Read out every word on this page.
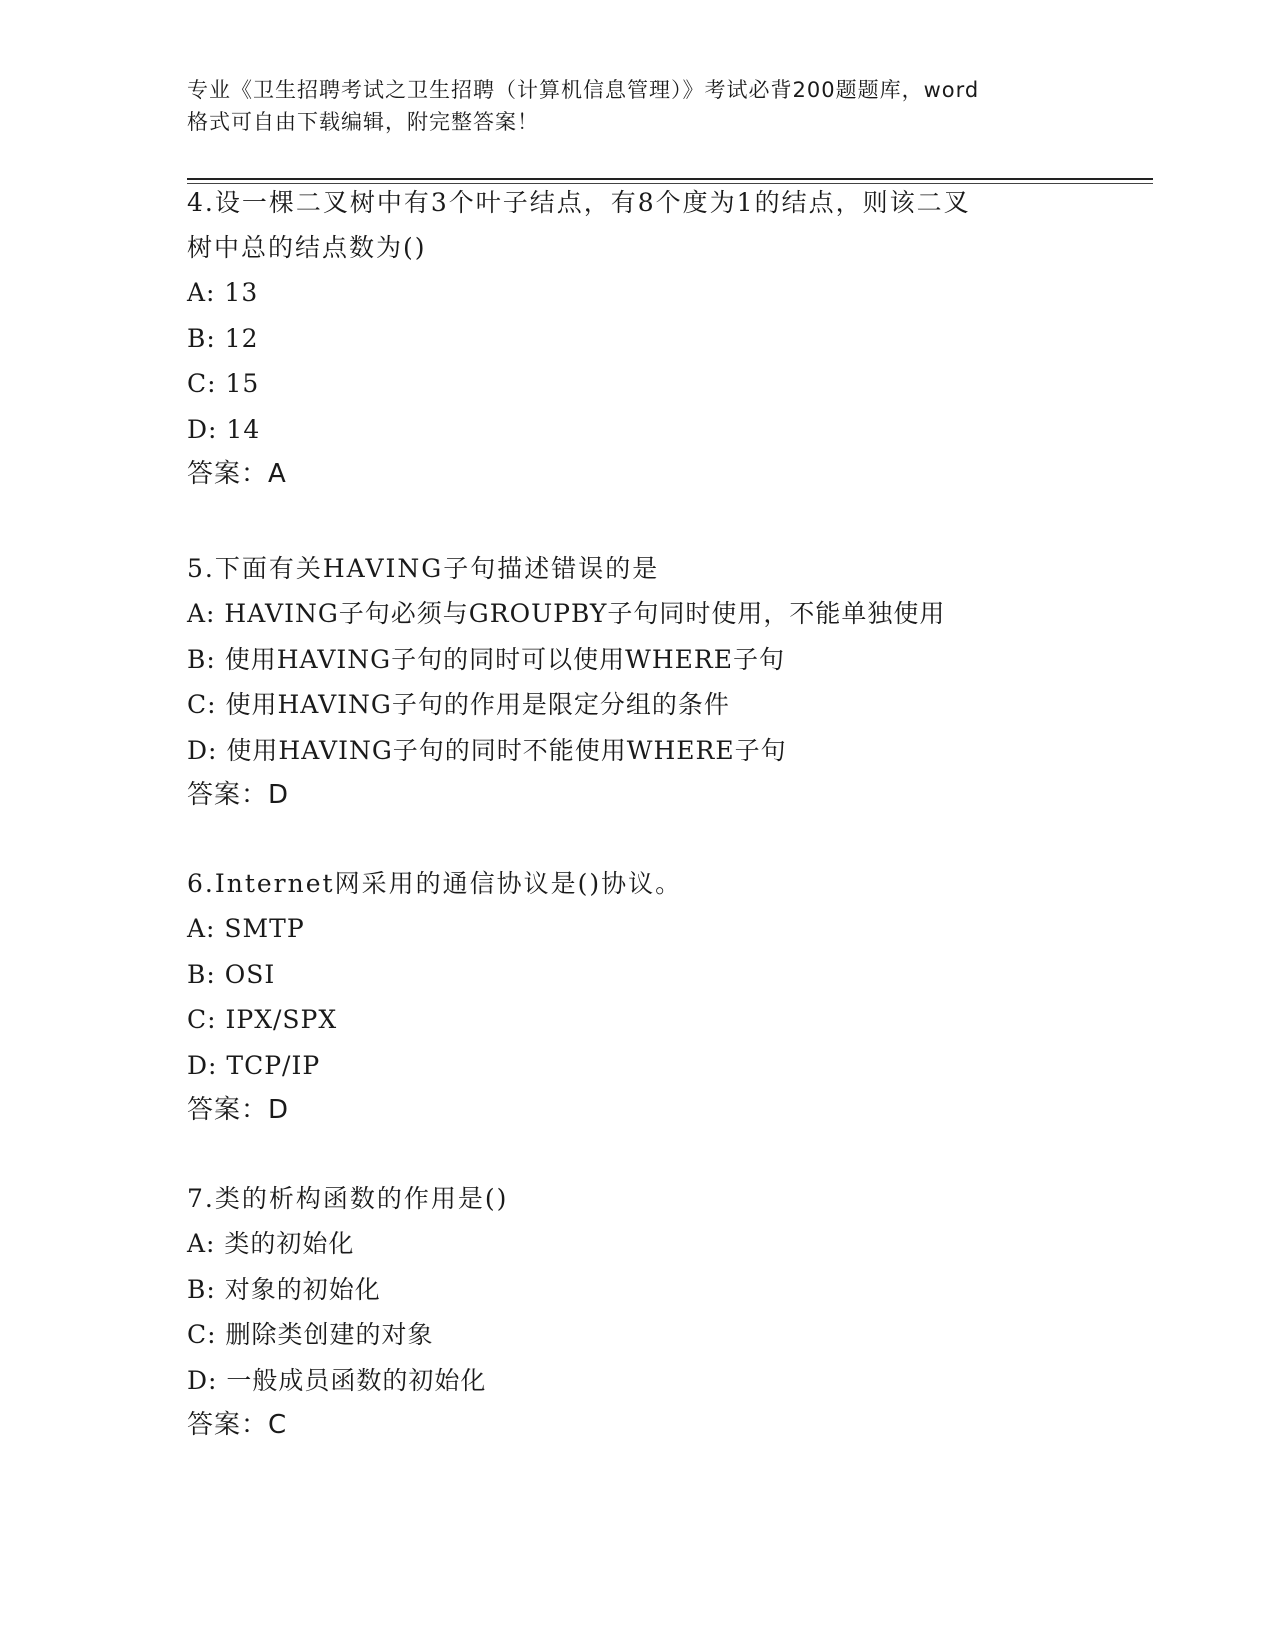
专业《卫生招聘考试之卫生招聘（计算机信息管理）》考试必背200题题库，word
格式可自由下载编辑，附完整答案！

4.设一棵二叉树中有3个叶子结点，有8个度为1的结点，则该二叉

树中总的结点数为()

A: 13

B: 12

C: 15

D: 14

答案：A

5.下面有关HAVING子句描述错误的是

A: HAVING子句必须与GROUPBY子句同时使用，不能单独使用

B: 使用HAVING子句的同时可以使用WHERE子句

C: 使用HAVING子句的作用是限定分组的条件

D: 使用HAVING子句的同时不能使用WHERE子句

答案：D

6.Internet网采用的通信协议是()协议。

A: SMTP

B: OSI

C: IPX/SPX

D: TCP/IP

答案：D

7.类的析构函数的作用是()

A: 类的初始化

B: 对象的初始化

C: 删除类创建的对象

D: 一般成员函数的初始化

答案：C
